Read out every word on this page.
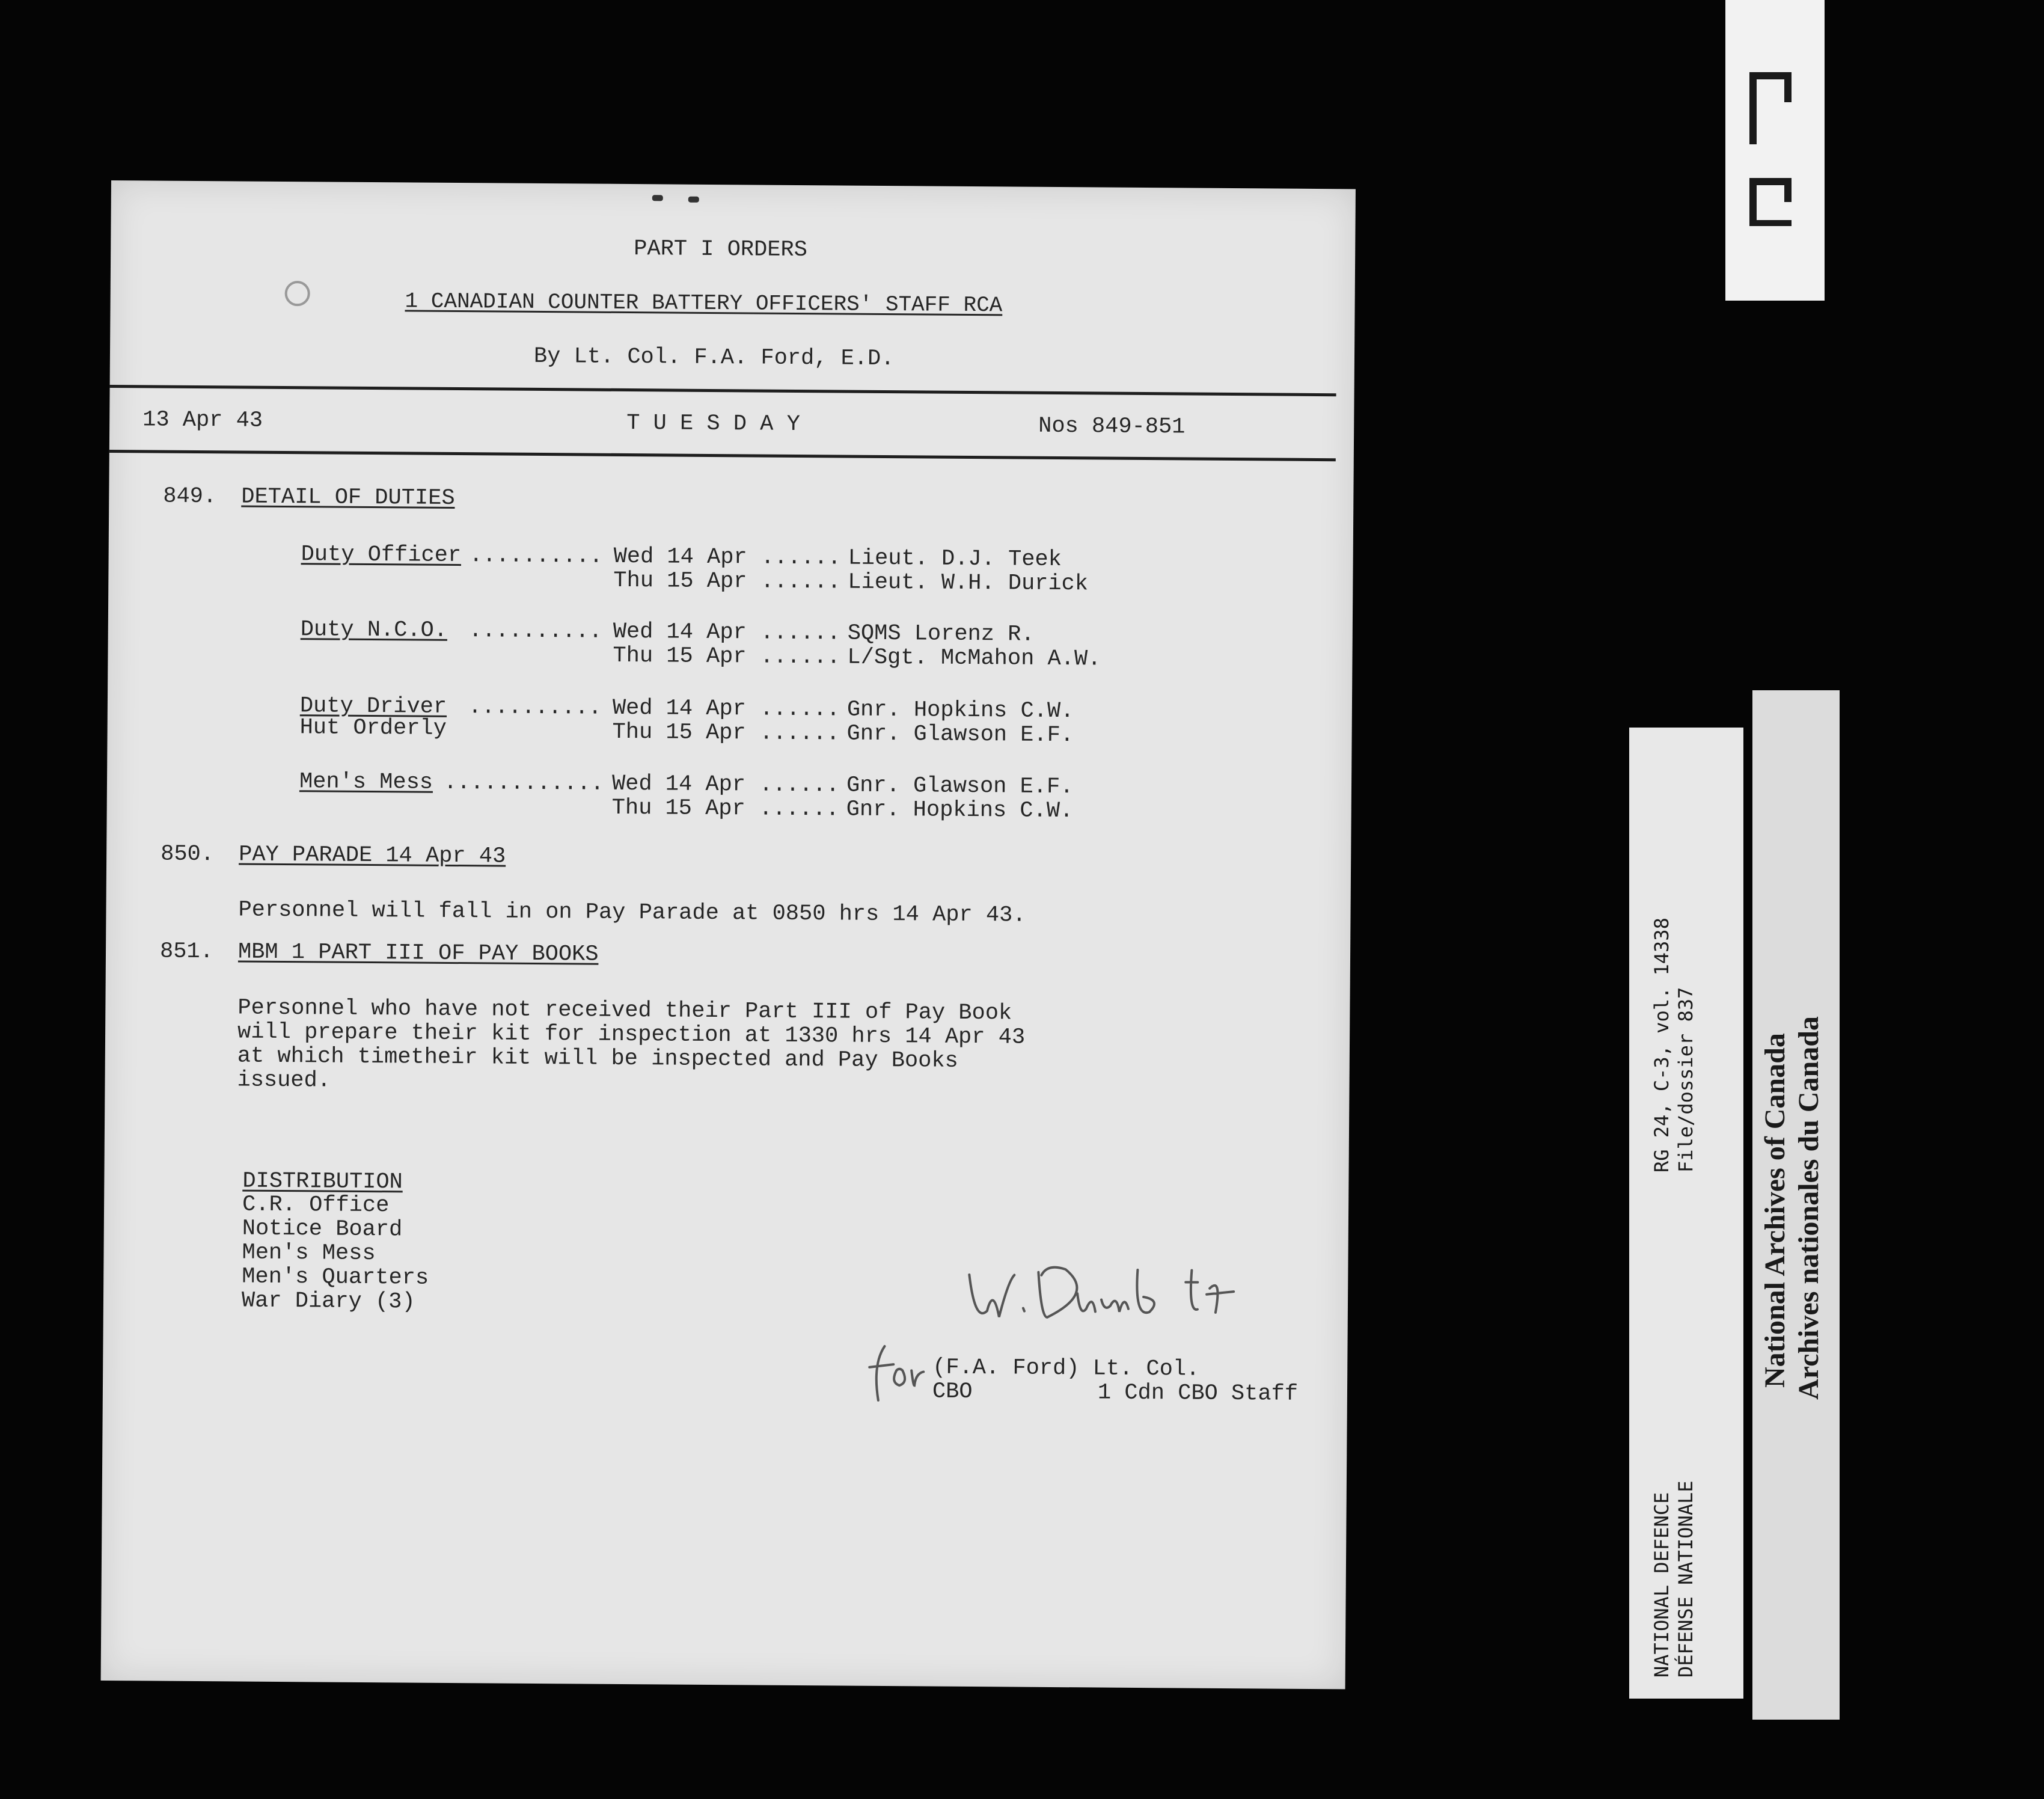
PART I ORDERS
1 CANADIAN COUNTER BATTERY OFFICERS' STAFF RCA
By Lt. Col. F.A. Ford, E.D.
13 Apr 43	T U E S D A Y	Nos 849-851
849. DETAIL OF DUTIES
Duty Officer .......... Wed 14 Apr ...... Lieut. D.J. Teek
Thu 15 Apr ...... Lieut. W.H. Durick
Duty N.C.O. .......... Wed 14 Apr ...... SQMS Lorenz R.
Thu 15 Apr ...... L/Sgt. McMahon A.W.
Duty Driver
Hut Orderly
.......... Wed 14 Apr ...... Gnr. Hopkins C.W.
Thu 15 Apr ...... Gnr. Glawson E.F.
Men's Mess ............ Wed 14 Apr ...... Gnr. Glawson E.F.
Thu 15 Apr ...... Gnr. Hopkins C.W.
850. PAY PARADE 14 Apr 43
Personnel will fall in on Pay Parade at 0850 hrs 14 Apr 43.
851. MBM 1 PART III OF PAY BOOKS
Personnel who have not received their Part III of Pay Book
will prepare their kit for inspection at 1330 hrs 14 Apr 43
at which timetheir kit will be inspected and Pay Books
issued.
DISTRIBUTION
C.R. Office
Notice Board
Men's Mess
Men's Quarters
War Diary (3)
(F.A. Ford) Lt. Col.
CBO	1 Cdn CBO Staff
RG 24, C-3, vol. 14338 File/dossier 837
NATIONAL DEFENCE DÉFENSE NATIONALE
National Archives of Canada Archives nationales du Canada
